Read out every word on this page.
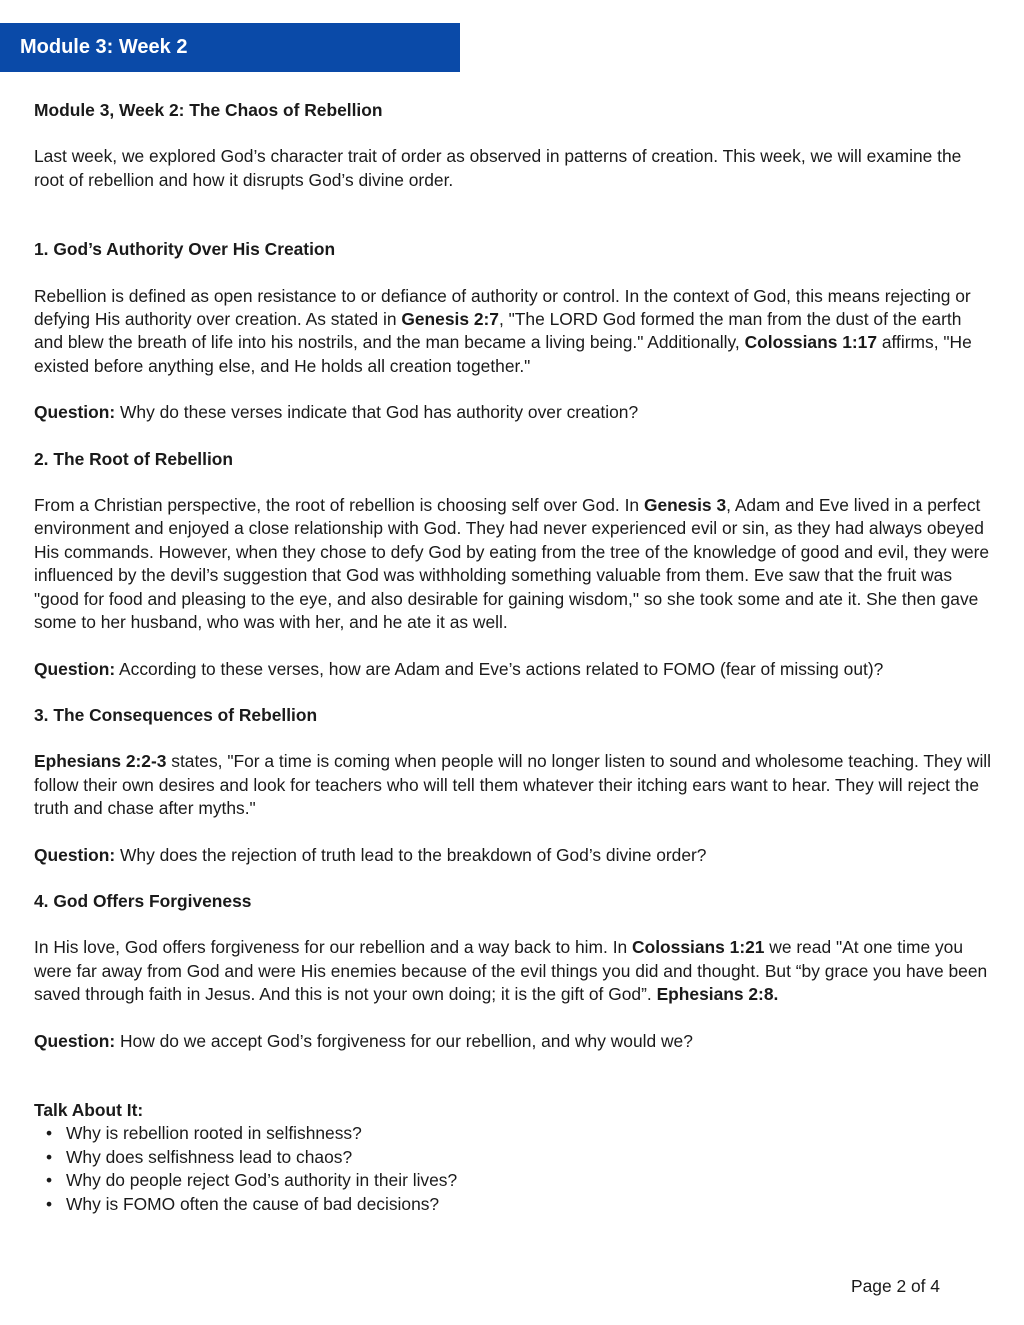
Module 3: Week 2

Module 3, Week 2: The Chaos of Rebellion

Last week, we explored God’s character trait of order as observed in patterns of creation. This week, we will examine the root of rebellion and how it disrupts God’s divine order.

1. God’s Authority Over His Creation

Rebellion is defined as open resistance to or defiance of authority or control. In the context of God, this means rejecting or defying His authority over creation. As stated in Genesis 2:7, "The LORD God formed the man from the dust of the earth and blew the breath of life into his nostrils, and the man became a living being." Additionally, Colossians 1:17 affirms, "He existed before anything else, and He holds all creation together."

Question: Why do these verses indicate that God has authority over creation?

2. The Root of Rebellion

From a Christian perspective, the root of rebellion is choosing self over God. In Genesis 3, Adam and Eve lived in a perfect environment and enjoyed a close relationship with God. They had never experienced evil or sin, as they had always obeyed His commands. However, when they chose to defy God by eating from the tree of the knowledge of good and evil, they were influenced by the devil’s suggestion that God was withholding something valuable from them. Eve saw that the fruit was "good for food and pleasing to the eye, and also desirable for gaining wisdom," so she took some and ate it. She then gave some to her husband, who was with her, and he ate it as well.

Question: According to these verses, how are Adam and Eve’s actions related to FOMO (fear of missing out)?

3. The Consequences of Rebellion

Ephesians 2:2-3 states, "For a time is coming when people will no longer listen to sound and wholesome teaching. They will follow their own desires and look for teachers who will tell them whatever their itching ears want to hear. They will reject the truth and chase after myths."

Question: Why does the rejection of truth lead to the breakdown of God’s divine order?

4. God Offers Forgiveness

In His love, God offers forgiveness for our rebellion and a way back to him. In Colossians 1:21 we read "At one time you were far away from God and were His enemies because of the evil things you did and thought. But “by grace you have been saved through faith in Jesus. And this is not your own doing; it is the gift of God”. Ephesians 2:8.

Question: How do we accept God’s forgiveness for our rebellion, and why would we?

Talk About It:

• Why is rebellion rooted in selfishness?
• Why does selfishness lead to chaos?
• Why do people reject God’s authority in their lives?
• Why is FOMO often the cause of bad decisions?
Page 2 of 4
